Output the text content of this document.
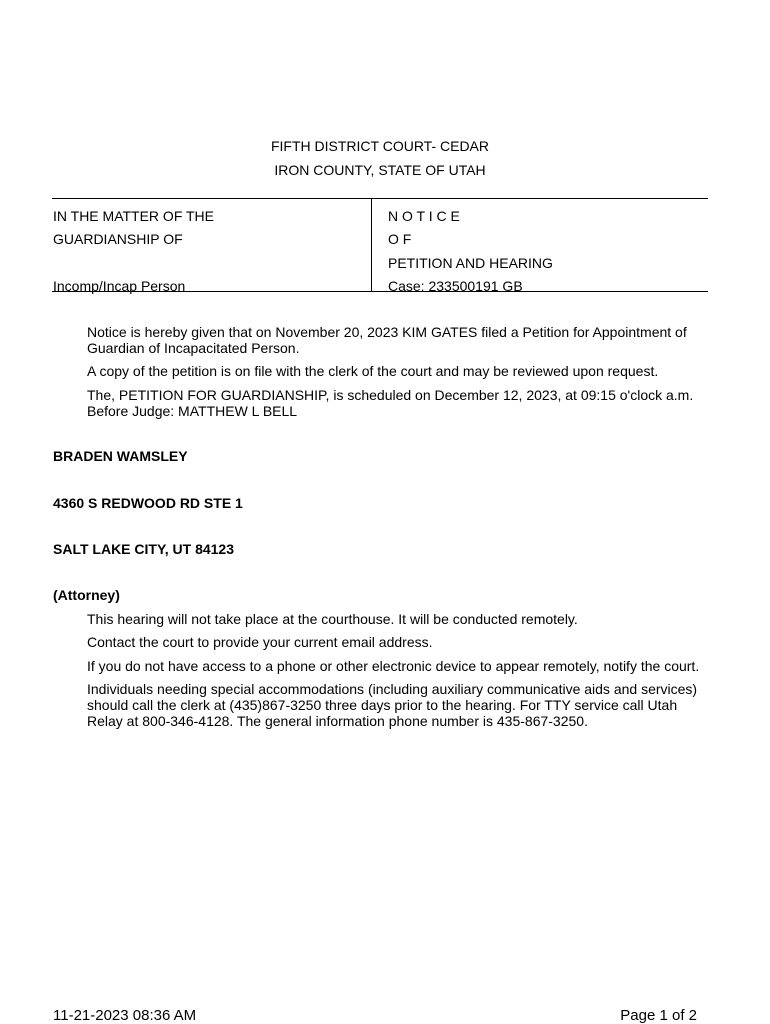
FIFTH DISTRICT COURT- CEDAR
IRON COUNTY, STATE OF UTAH
IN THE MATTER OF THE
GUARDIANSHIP OF
Incomp/Incap Person
N O T I C E
O F
PETITION AND HEARING
Case: 233500191 GB
Notice is hereby given that on November 20, 2023 KIM GATES filed a Petition for Appointment of Guardian of Incapacitated Person.
A copy of the petition is on file with the clerk of the court and may be reviewed upon request.
The, PETITION FOR GUARDIANSHIP, is scheduled on December 12, 2023, at 09:15 o'clock a.m.
Before Judge: MATTHEW L BELL
BRADEN WAMSLEY
4360 S REDWOOD RD STE 1
SALT LAKE CITY, UT 84123
(Attorney)
This hearing will not take place at the courthouse. It will be conducted remotely.
Contact the court to provide your current email address.
If you do not have access to a phone or other electronic device to appear remotely, notify the court.
Individuals needing special accommodations (including auxiliary communicative aids and services) should call the clerk at (435)867-3250 three days prior to the hearing. For TTY service call Utah Relay at 800-346-4128. The general information phone number is 435-867-3250.
11-21-2023 08:36 AM	Page 1 of 2
